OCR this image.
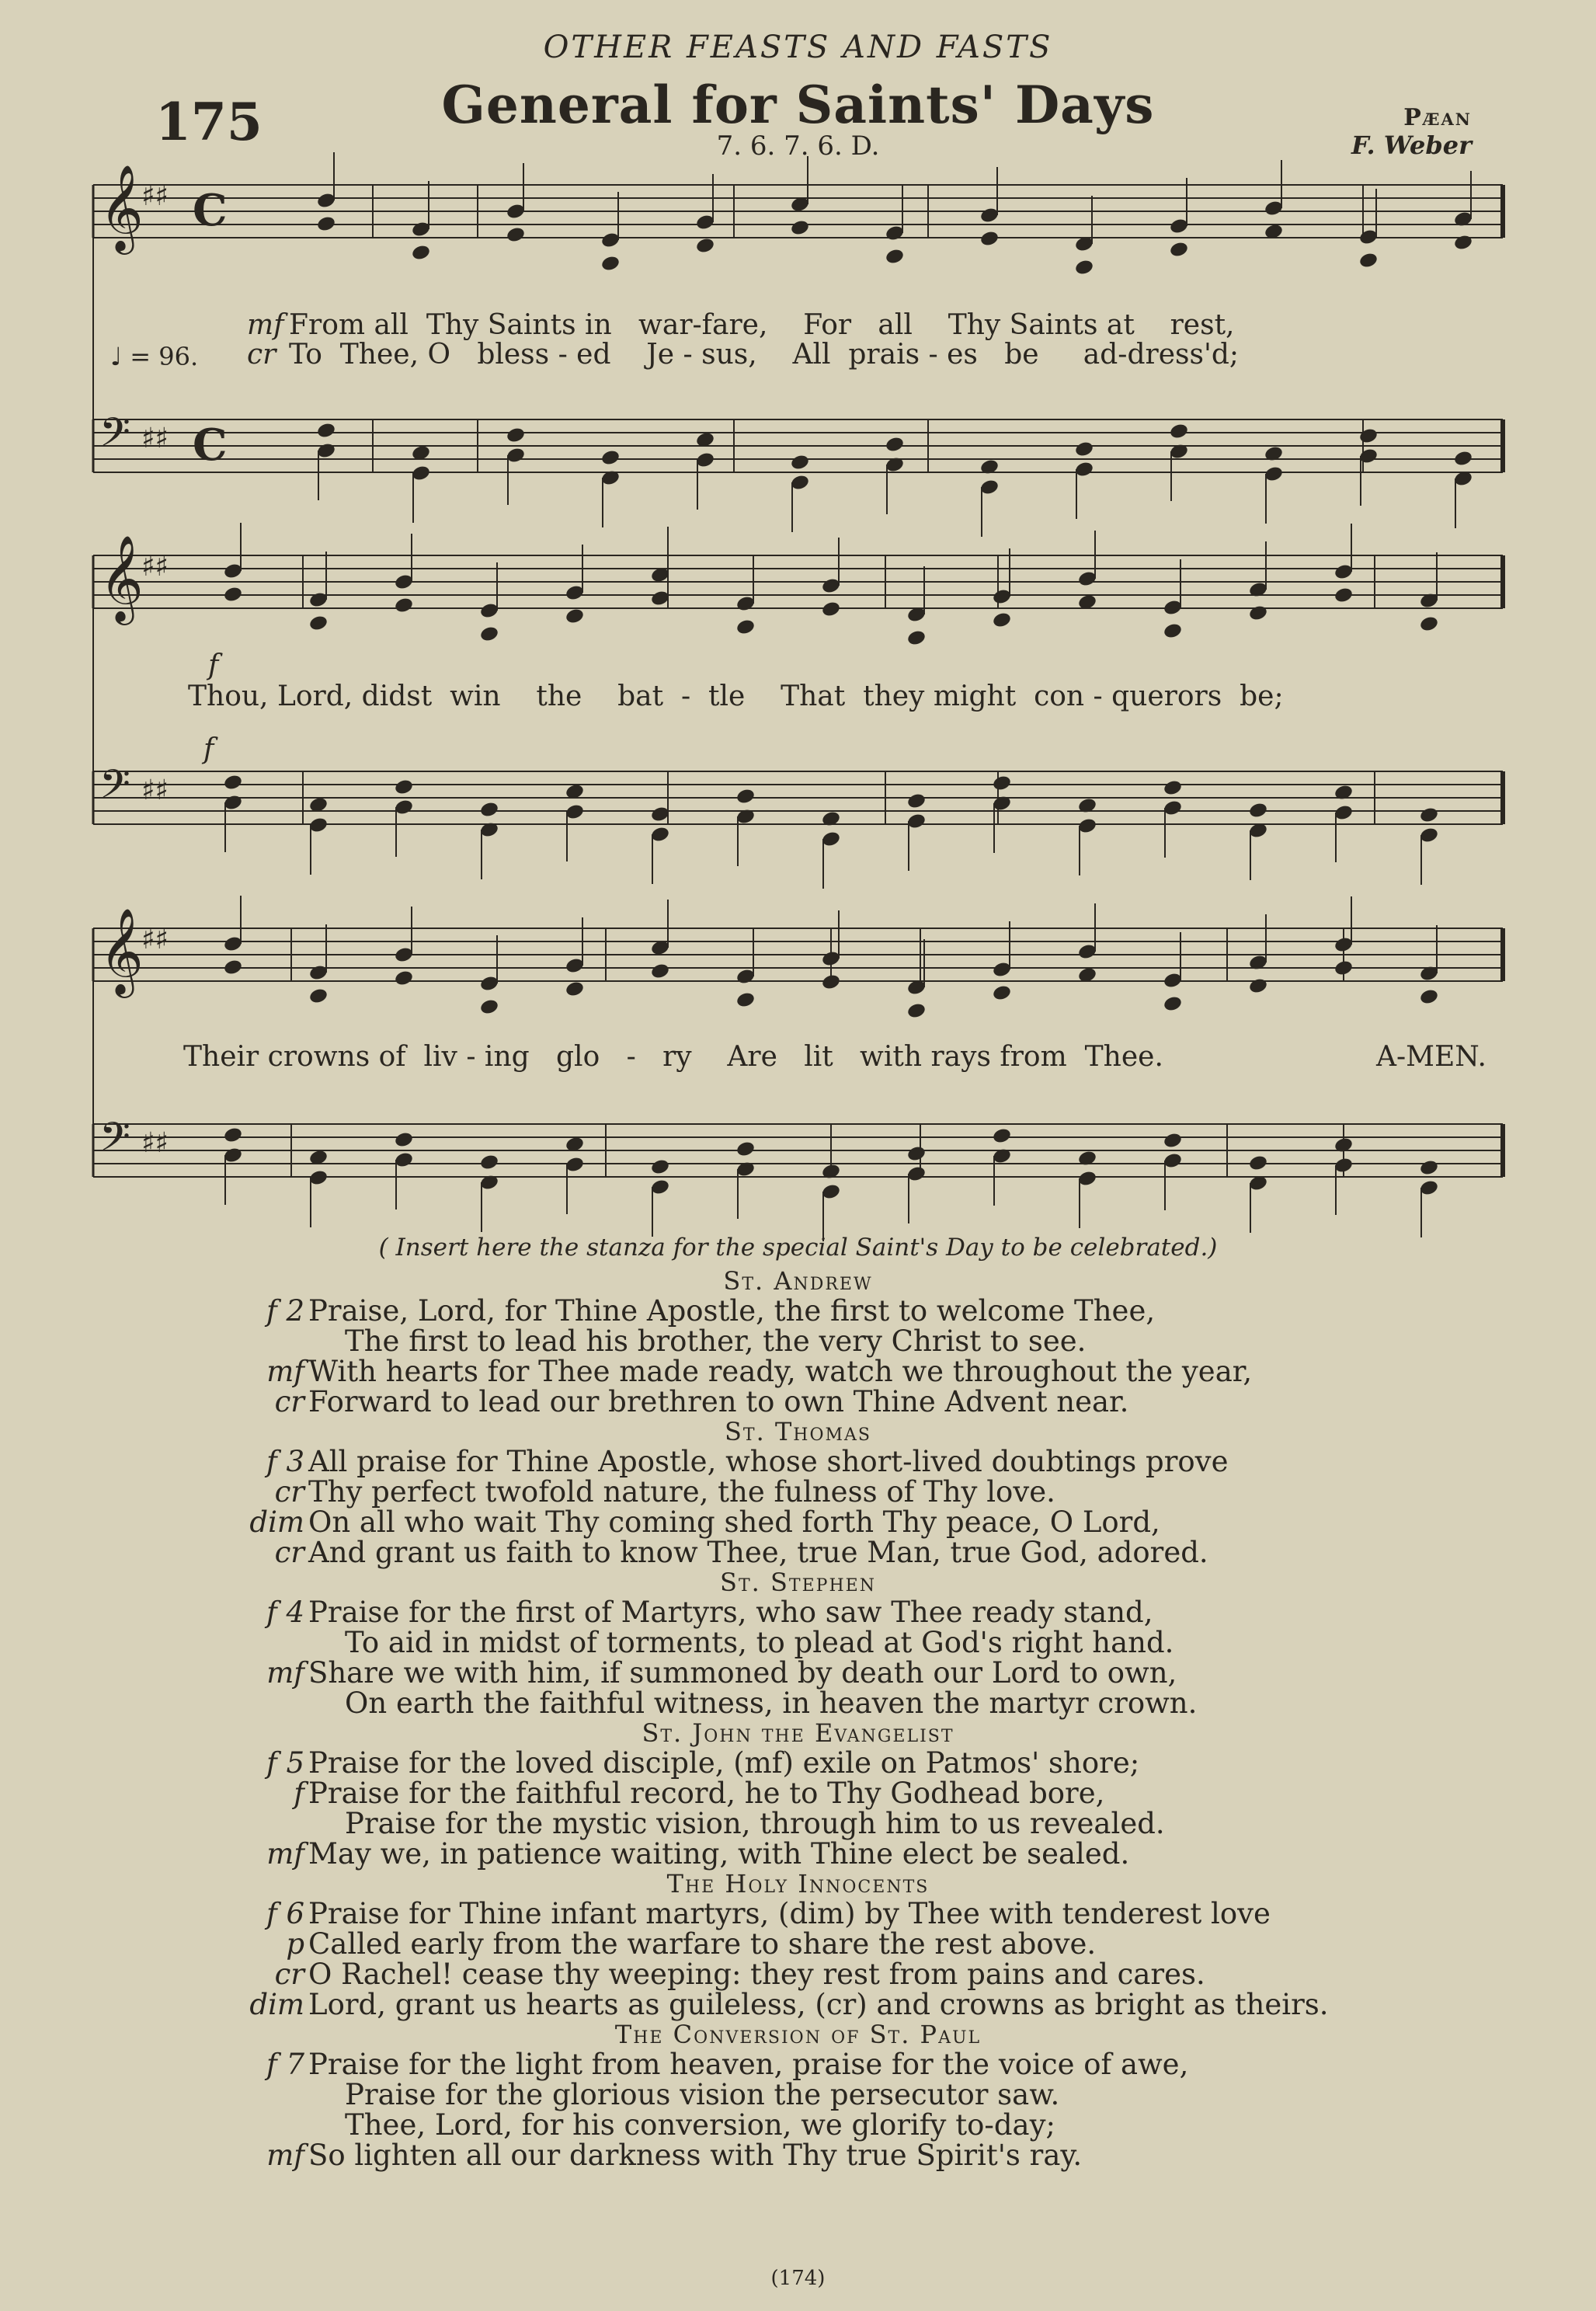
OTHER FEASTS AND FASTS
175	General for Saints' Days
7. 6. 7. 6. D.
Pæan
F. Weber
𝄞
♯♯ C
𝄢 ♯♯ C
𝄞
♯♯
𝄢 ♯♯
𝄞
♯♯
𝄢 ♯♯
♩ = 96.
mf From all  Thy Saints in   war-fare,    For   all    Thy Saints at    rest,
cr To  Thee, O   bless - ed    Je - sus,    All  prais - es   be     ad-dress'd;
f
f
Thou, Lord, didst  win    the    bat  -  tle    That  they might  con - querors  be;
Their crowns of  liv - ing   glo   -   ry    Are   lit   with rays from  Thee.	A-MEN.
( Insert here the stanza for the special Saint's Day to be celebrated.)
St. Andrew
f 2 Praise, Lord, for Thine Apostle, the first to welcome Thee,
The first to lead his brother, the very Christ to see.
mf With hearts for Thee made ready, watch we throughout the year,
cr Forward to lead our brethren to own Thine Advent near.
St. Thomas
f 3 All praise for Thine Apostle, whose short-lived doubtings prove
cr Thy perfect twofold nature, the fulness of Thy love.
dim On all who wait Thy coming shed forth Thy peace, O Lord,
cr And grant us faith to know Thee, true Man, true God, adored.
St. Stephen
f 4 Praise for the first of Martyrs, who saw Thee ready stand,
To aid in midst of torments, to plead at God's right hand.
mf Share we with him, if summoned by death our Lord to own,
On earth the faithful witness, in heaven the martyr crown.
St. John the Evangelist
f 5 Praise for the loved disciple, (mf) exile on Patmos' shore;
f Praise for the faithful record, he to Thy Godhead bore,
Praise for the mystic vision, through him to us revealed.
mf May we, in patience waiting, with Thine elect be sealed.
The Holy Innocents
f 6 Praise for Thine infant martyrs, (dim) by Thee with tenderest love
p Called early from the warfare to share the rest above.
cr O Rachel! cease thy weeping: they rest from pains and cares.
dim Lord, grant us hearts as guileless, (cr) and crowns as bright as theirs.
The Conversion of St. Paul
f 7 Praise for the light from heaven, praise for the voice of awe,
Praise for the glorious vision the persecutor saw.
Thee, Lord, for his conversion, we glorify to-day;
mf So lighten all our darkness with Thy true Spirit's ray.
(174)
